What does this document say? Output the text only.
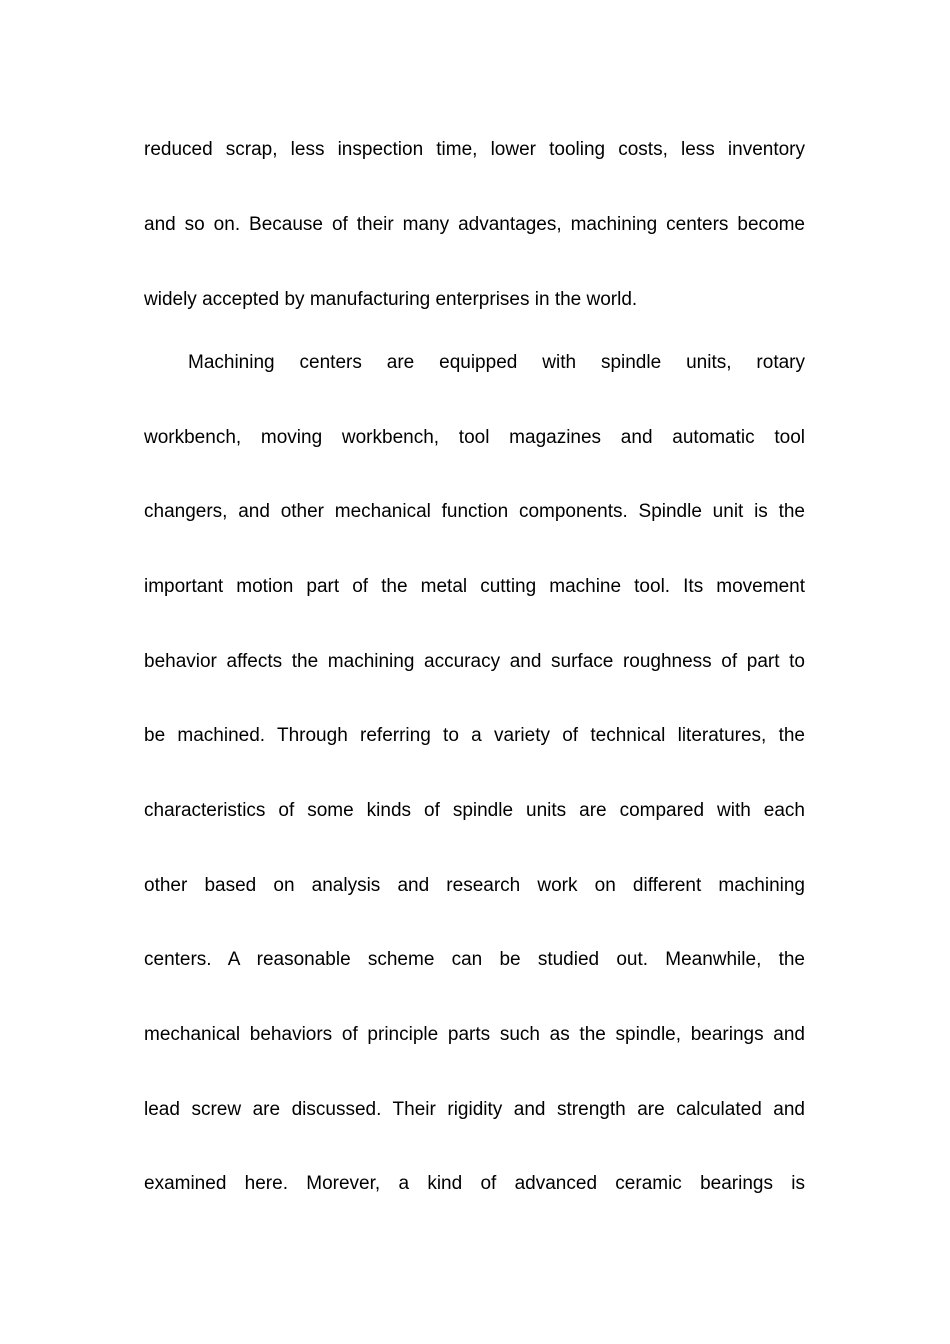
reduced scrap, less inspection time, lower tooling costs, less inventory
and so on. Because of their many advantages, machining centers become
widely accepted by manufacturing enterprises in the world.
Machining centers are equipped with spindle units, rotary
workbench, moving workbench, tool magazines and automatic tool
changers, and other mechanical function components. Spindle unit is the
important motion part of the metal cutting machine tool. Its movement
behavior affects the machining accuracy and surface roughness of part to
be machined. Through referring to a variety of technical literatures, the
characteristics of some kinds of spindle units are compared with each
other based on analysis and research work on different machining
centers. A reasonable scheme can be studied out. Meanwhile, the
mechanical behaviors of principle parts such as the spindle, bearings and
lead screw are discussed. Their rigidity and strength are calculated and
examined here. Morever, a kind of advanced ceramic bearings is
